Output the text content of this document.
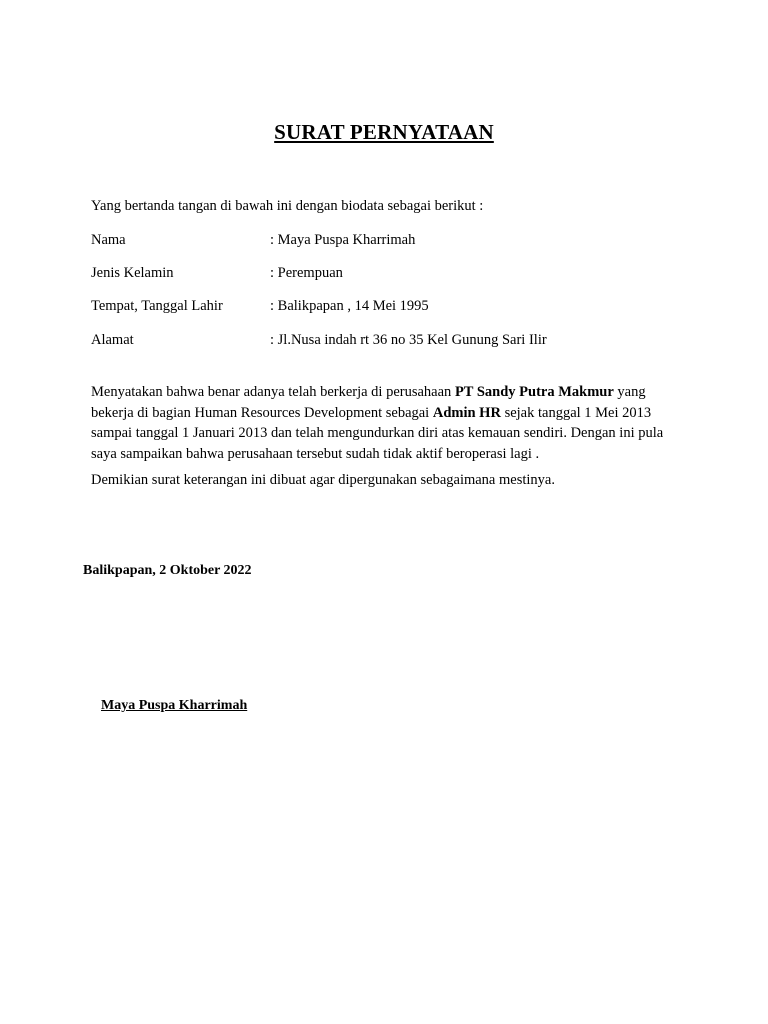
SURAT PERNYATAAN
Yang bertanda tangan di bawah ini dengan biodata sebagai berikut :
Nama	: Maya Puspa Kharrimah
Jenis Kelamin	: Perempuan
Tempat, Tanggal Lahir	: Balikpapan , 14 Mei 1995
Alamat	: Jl.Nusa indah rt 36 no 35 Kel Gunung Sari Ilir
Menyatakan bahwa benar adanya telah berkerja di perusahaan PT Sandy Putra Makmur yang bekerja di bagian Human Resources Development sebagai Admin HR sejak tanggal 1 Mei 2013 sampai tanggal 1 Januari 2013 dan telah mengundurkan diri atas kemauan sendiri. Dengan ini pula saya sampaikan bahwa perusahaan tersebut sudah tidak aktif beroperasi lagi .
Demikian surat keterangan ini dibuat agar dipergunakan sebagaimana mestinya.
Balikpapan, 2 Oktober 2022
Maya Puspa Kharrimah
